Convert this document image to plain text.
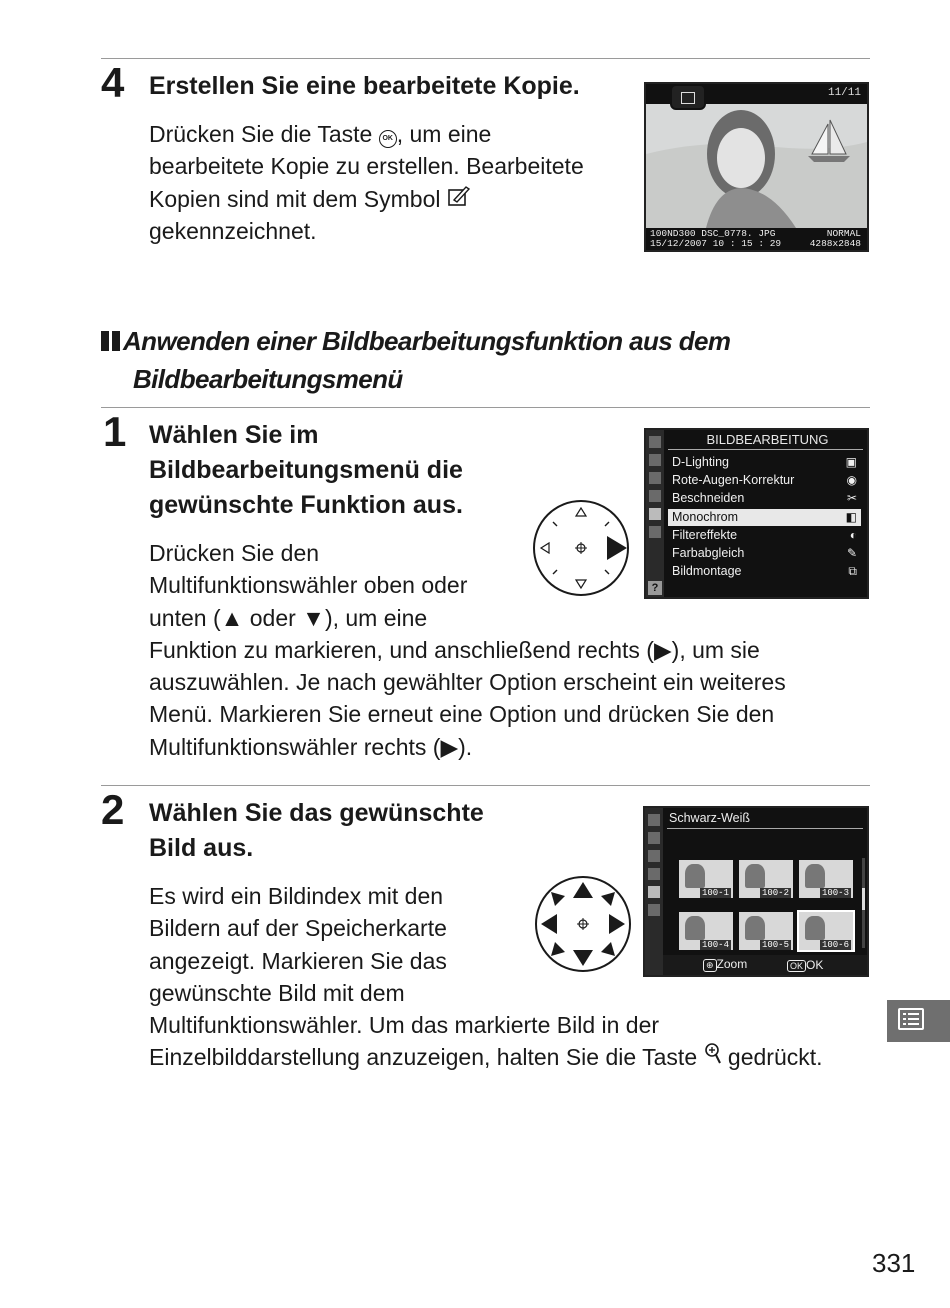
4 Erstellen Sie eine bearbeitete Kopie.
Drücken Sie die Taste OK , um eine
bearbeitete Kopie zu erstellen. Bearbeitete
Kopien sind mit dem Symbol
gekennzeichnet.
11/11
100ND300 DSC_0778. JPG	NORMAL
15/12/2007 10 : 15 : 29	4288x2848
Anwenden einer Bildbearbeitungsfunktion aus dem
Bildbearbeitungsmenü
1 Wählen Sie im
Bildbearbeitungsmenü die
gewünschte Funktion aus.
Drücken Sie den
Multifunktionswähler oben oder
unten (▲ oder ▼), um eine
Funktion zu markieren, und anschließend rechts (▶), um sie
auszuwählen. Je nach gewählter Option erscheint ein weiteres
Menü. Markieren Sie erneut eine Option und drücken Sie den
Multifunktionswähler rechts (▶).
?
BILDBEARBEITUNG
D-Lighting	▣
Rote-Augen-Korrektur	◉
Beschneiden	✂
Monochrom	◧
Filtereffekte	◐
Farbabgleich	✎
Bildmontage	⧉
2 Wählen Sie das gewünschte
Bild aus.
Es wird ein Bildindex mit den
Bildern auf der Speicherkarte
angezeigt. Markieren Sie das
gewünschte Bild mit dem
Multifunktionswähler. Um das markierte Bild in der
Einzelbilddarstellung anzuzeigen, halten Sie die Taste  gedrückt.
Schwarz-Weiß
100-1	100-2	100-3
100-4	100-5	100-6
⊕ Zoom	OK OK
331
